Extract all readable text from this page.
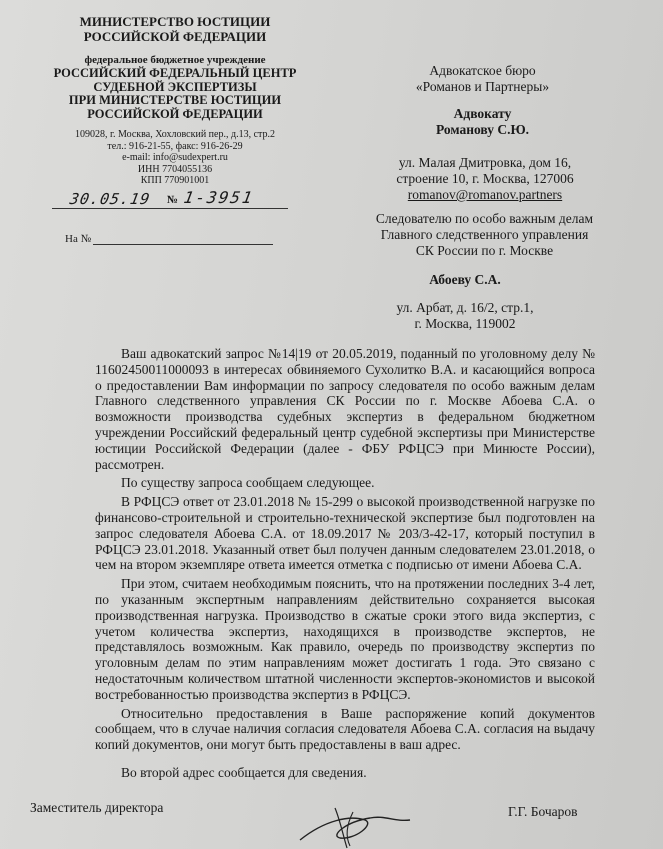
МИНИСТЕРСТВО ЮСТИЦИИ
РОССИЙСКОЙ ФЕДЕРАЦИИ
федеральное бюджетное учреждение
РОССИЙСКИЙ ФЕДЕРАЛЬНЫЙ ЦЕНТР
СУДЕБНОЙ ЭКСПЕРТИЗЫ
ПРИ МИНИСТЕРСТВЕ ЮСТИЦИИ
РОССИЙСКОЙ ФЕДЕРАЦИИ
109028, г. Москва, Хохловский пер., д.13, стр.2
тел.: 916-21-55, факс: 916-26-29
e-mail: info@sudexpert.ru
ИНН 7704055136
КПП 770901001
30.05.19 № 1-3951
На №
Адвокатское бюро
«Романов и Партнеры»
Адвокату
Романову С.Ю.
ул. Малая Дмитровка, дом 16,
строение 10, г. Москва, 127006
romanov@romanov.partners
Следователю по особо важным делам
Главного следственного управления
СК России по г. Москве
Абоеву С.А.
ул. Арбат, д. 16/2, стр.1,
г. Москва, 119002

Ваш адвокатский запрос №14|19 от 20.05.2019, поданный по уголовному делу № 11602450011000093 в интересах обвиняемого Сухолитко В.А. и касающийся вопроса о предоставлении Вам информации по запросу следователя по особо важным делам Главного следственного управления СК России по г. Москве Абоева С.А. о возможности производства судебных экспертиз в федеральном бюджетном учреждении Российский федеральный центр судебной экспертизы при Министерстве юстиции Российской Федерации (далее - ФБУ РФЦСЭ при Минюсте России), рассмотрен.

По существу запроса сообщаем следующее.

В РФЦСЭ ответ от 23.01.2018 № 15-299 о высокой производственной нагрузке по финансово-строительной и строительно-технической экспертизе был подготовлен на запрос следователя Абоева С.А. от 18.09.2017 № 203/3-42-17, который поступил в РФЦСЭ 23.01.2018. Указанный ответ был получен данным следователем 23.01.2018, о чем на втором экземпляре ответа имеется отметка с подписью от имени Абоева С.А.

При этом, считаем необходимым пояснить, что на протяжении последних 3-4 лет, по указанным экспертным направлениям действительно сохраняется высокая производственная нагрузка. Производство в сжатые сроки этого вида экспертиз, с учетом количества экспертиз, находящихся в производстве экспертов, не представлялось возможным. Как правило, очередь по производству экспертиз по уголовным делам по этим направлениям может достигать 1 года. Это связано с недостаточным количеством штатной численности экспертов-экономистов и высокой востребованностью производства экспертиз в РФЦСЭ.

Относительно предоставления в Ваше распоряжение копий документов сообщаем, что в случае наличия согласия следователя Абоева С.А. согласия на выдачу копий документов, они могут быть предоставлены в ваш адрес.

Во второй адрес сообщается для сведения.

Заместитель директора	Г.Г. Бочаров
